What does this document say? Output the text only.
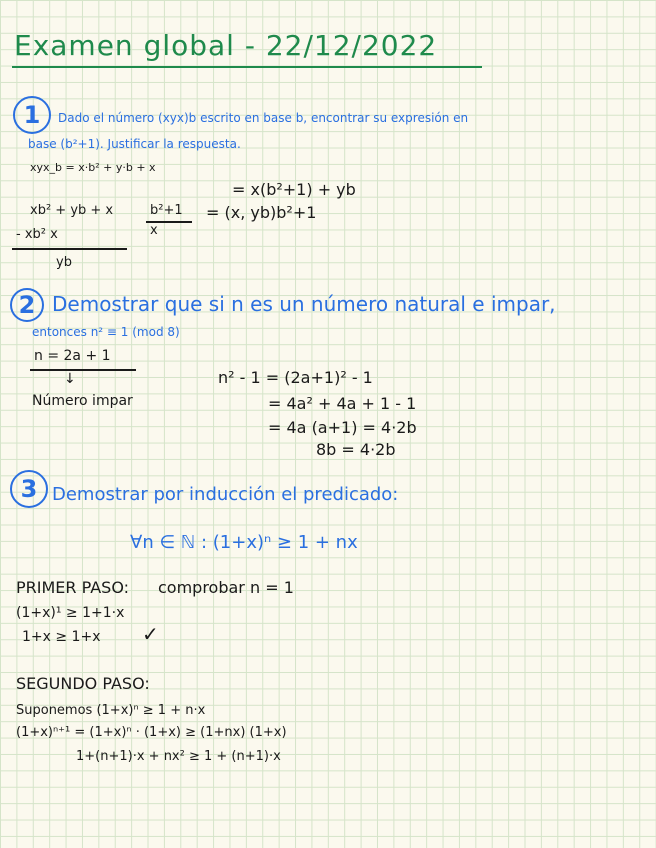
Examen global - 22/12/2022
1	Dado el número (xyx)b escrito en base b, encontrar su expresión en
base (b²+1). Justificar la respuesta.
xyx_b = x·b² + y·b + x
= x(b²+1) + yb
xb² + yb + x	b²+1 = (x, yb)b²+1
- xb² x	x
yb
2 Demostrar que si n es un número natural e impar,
entonces n² ≡ 1 (mod 8)
n = 2a + 1
↓
Número impar
n² - 1 = (2a+1)² - 1
= 4a² + 4a + 1 - 1
= 4a (a+1) = 4·2b
8b = 4·2b
3 Demostrar por inducción el predicado:
∀n ∈ ℕ : (1+x)ⁿ ≥ 1 + nx
PRIMER PASO: comprobar n = 1
(1+x)¹ ≥ 1+1·x
1+x ≥ 1+x ✓
SEGUNDO PASO:
Suponemos (1+x)ⁿ ≥ 1 + n·x
(1+x)ⁿ⁺¹ = (1+x)ⁿ · (1+x) ≥ (1+nx) (1+x)
1+(n+1)·x + nx² ≥ 1 + (n+1)·x
